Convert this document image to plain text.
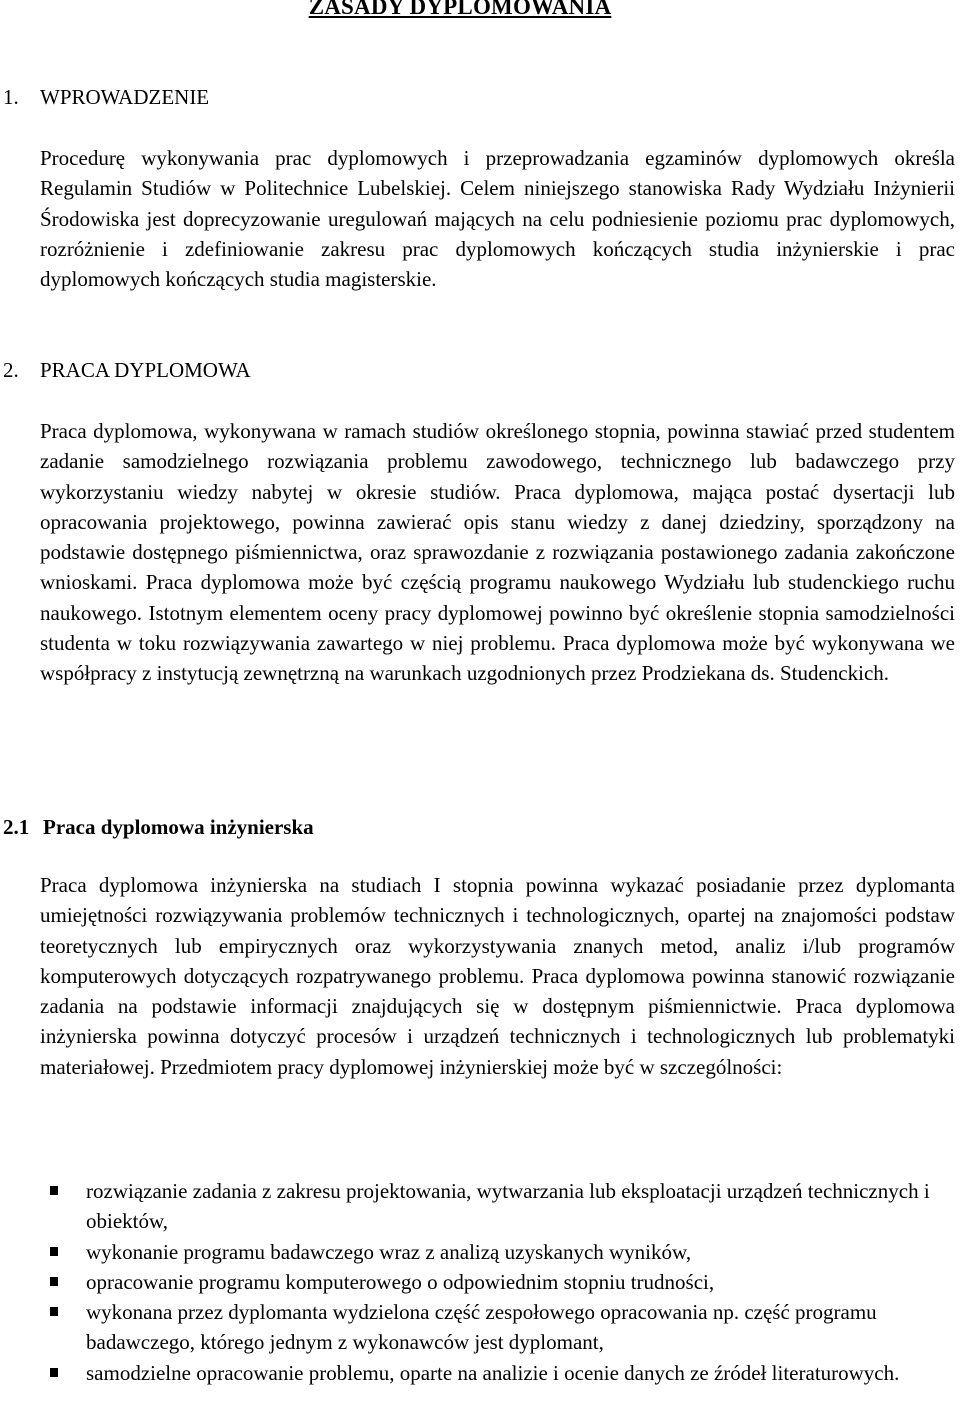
ZASADY DYPLOMOWANIA
1. WPROWADZENIE

Procedurę wykonywania prac dyplomowych i przeprowadzania egzaminów dyplomowych określa Regulamin Studiów w Politechnice Lubelskiej. Celem niniejszego stanowiska Rady Wydziału Inżynierii Środowiska jest doprecyzowanie uregulowań mających na celu podniesienie poziomu prac dyplomowych, rozróżnienie i zdefiniowanie zakresu prac dyplomowych kończących studia inżynierskie i prac dyplomowych kończących studia magisterskie.

2. PRACA DYPLOMOWA

Praca dyplomowa, wykonywana w ramach studiów określonego stopnia, powinna stawiać przed studentem zadanie samodzielnego rozwiązania problemu zawodowego, technicznego lub badawczego przy wykorzystaniu wiedzy nabytej w okresie studiów. Praca dyplomowa, mająca postać dysertacji lub opracowania projektowego, powinna zawierać opis stanu wiedzy z danej dziedziny, sporządzony na podstawie dostępnego piśmiennictwa, oraz sprawozdanie z rozwiązania postawionego zadania zakończone wnioskami. Praca dyplomowa może być częścią programu naukowego Wydziału lub studenckiego ruchu naukowego. Istotnym elementem oceny pracy dyplomowej powinno być określenie stopnia samodzielności studenta w toku rozwiązywania zawartego w niej problemu. Praca dyplomowa może być wykonywana we współpracy z instytucją zewnętrzną na warunkach uzgodnionych przez Prodziekana ds. Studenckich.

2.1 Praca dyplomowa inżynierska

Praca dyplomowa inżynierska na studiach I stopnia powinna wykazać posiadanie przez dyplomanta umiejętności rozwiązywania problemów technicznych i technologicznych, opartej na znajomości podstaw teoretycznych lub empirycznych oraz wykorzystywania znanych metod, analiz i/lub programów komputerowych dotyczących rozpatrywanego problemu. Praca dyplomowa powinna stanowić rozwiązanie zadania na podstawie informacji znajdujących się w dostępnym piśmiennictwie. Praca dyplomowa inżynierska powinna dotyczyć procesów i urządzeń technicznych i technologicznych lub problematyki materiałowej. Przedmiotem pracy dyplomowej inżynierskiej może być w szczególności:

rozwiązanie zadania z zakresu projektowania, wytwarzania lub eksploatacji urządzeń technicznych i obiektów,
wykonanie programu badawczego wraz z analizą uzyskanych wyników,
opracowanie programu komputerowego o odpowiednim stopniu trudności,
wykonana przez dyplomanta wydzielona część zespołowego opracowania np. część programu badawczego, którego jednym z wykonawców jest dyplomant,
samodzielne opracowanie problemu, oparte na analizie i ocenie danych ze źródeł literaturowych.
